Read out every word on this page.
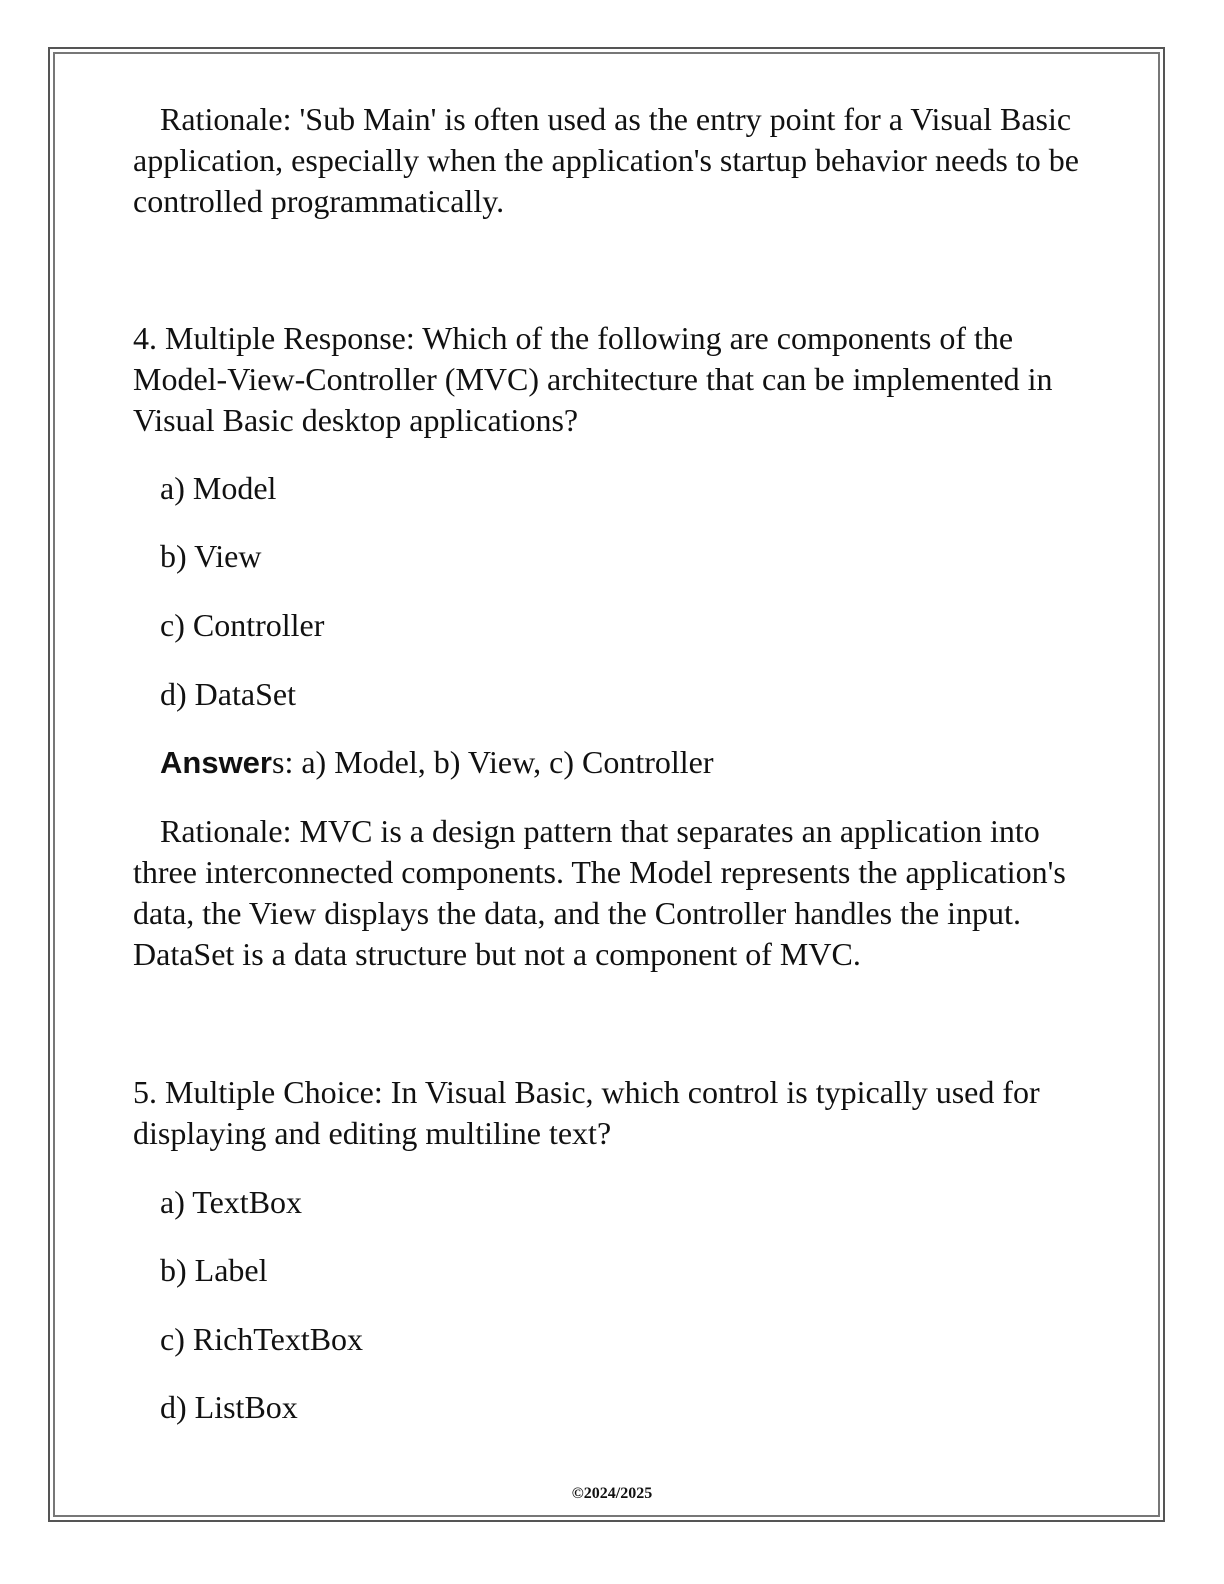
Rationale: 'Sub Main' is often used as the entry point for a Visual Basic application, especially when the application's startup behavior needs to be controlled programmatically.

4. Multiple Response: Which of the following are components of the Model-View-Controller (MVC) architecture that can be implemented in Visual Basic desktop applications?

a) Model

b) View

c) Controller

d) DataSet

Answers: a) Model, b) View, c) Controller

Rationale: MVC is a design pattern that separates an application into three interconnected components. The Model represents the application's data, the View displays the data, and the Controller handles the input. DataSet is a data structure but not a component of MVC.

5. Multiple Choice: In Visual Basic, which control is typically used for displaying and editing multiline text?

a) TextBox

b) Label

c) RichTextBox

d) ListBox

©2024/2025
